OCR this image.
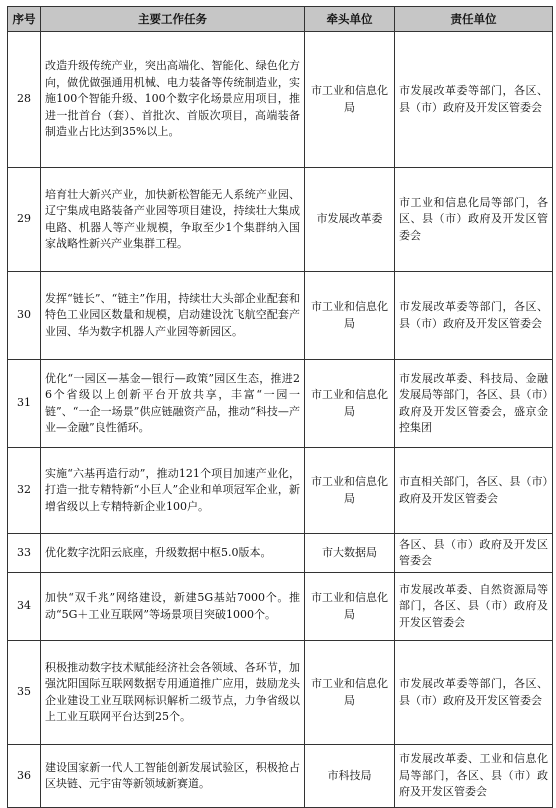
序号	主要工作任务	牵头单位	责任单位
28	改造升级传统产业，突出高端化、智能化、绿色化方向，做优做强通用机械、电力装备等传统制造业，实施100个智能升级、100个数字化场景应用项目，推进一批首台（套）、首批次、首版次项目，高端装备制造业占比达到35%以上。	市工业和信息化局	市发展改革委等部门，各区、县（市）政府及开发区管委会
29	培育壮大新兴产业，加快新松智能无人系统产业园、辽宁集成电路装备产业园等项目建设，持续壮大集成电路、机器人等产业规模，争取至少1个集群纳入国家战略性新兴产业集群工程。	市发展改革委	市工业和信息化局等部门，各区、县（市）政府及开发区管委会
30	发挥“链长”、“链主”作用，持续壮大头部企业配套和特色工业园区数量和规模，启动建设沈飞航空配套产业园、华为数字机器人产业园等新园区。	市工业和信息化局	市发展改革委等部门，各区、县（市）政府及开发区管委会
31	优化“一园区—基金—银行—政策”园区生态，推进26个省级以上创新平台开放共享，丰富“一园一链”、“一企一场景”供应链融资产品，推动“科技—产业—金融”良性循环。	市工业和信息化局	市发展改革委、科技局、金融发展局等部门，各区、县（市）政府及开发区管委会，盛京金控集团
32	实施“六基再造行动”，推动121个项目加速产业化，打造一批专精特新“小巨人”企业和单项冠军企业，新增省级以上专精特新企业100户。	市工业和信息化局	市直相关部门，各区、县（市）政府及开发区管委会
33	优化数字沈阳云底座，升级数据中枢5.0版本。	市大数据局	各区、县（市）政府及开发区管委会
34	加快“双千兆”网络建设，新建5G基站7000个。推动“5G＋工业互联网”等场景项目突破1000个。	市工业和信息化局	市发展改革委、自然资源局等部门，各区、县（市）政府及开发区管委会
35	积极推动数字技术赋能经济社会各领域、各环节，加强沈阳国际互联网数据专用通道推广应用，鼓励龙头企业建设工业互联网标识解析二级节点，力争省级以上工业互联网平台达到25个。	市工业和信息化局	市发展改革委等部门，各区、县（市）政府及开发区管委会
36	建设国家新一代人工智能创新发展试验区，积极抢占区块链、元宇宙等新领域新赛道。	市科技局	市发展改革委、工业和信息化局等部门，各区、县（市）政府及开发区管委会
